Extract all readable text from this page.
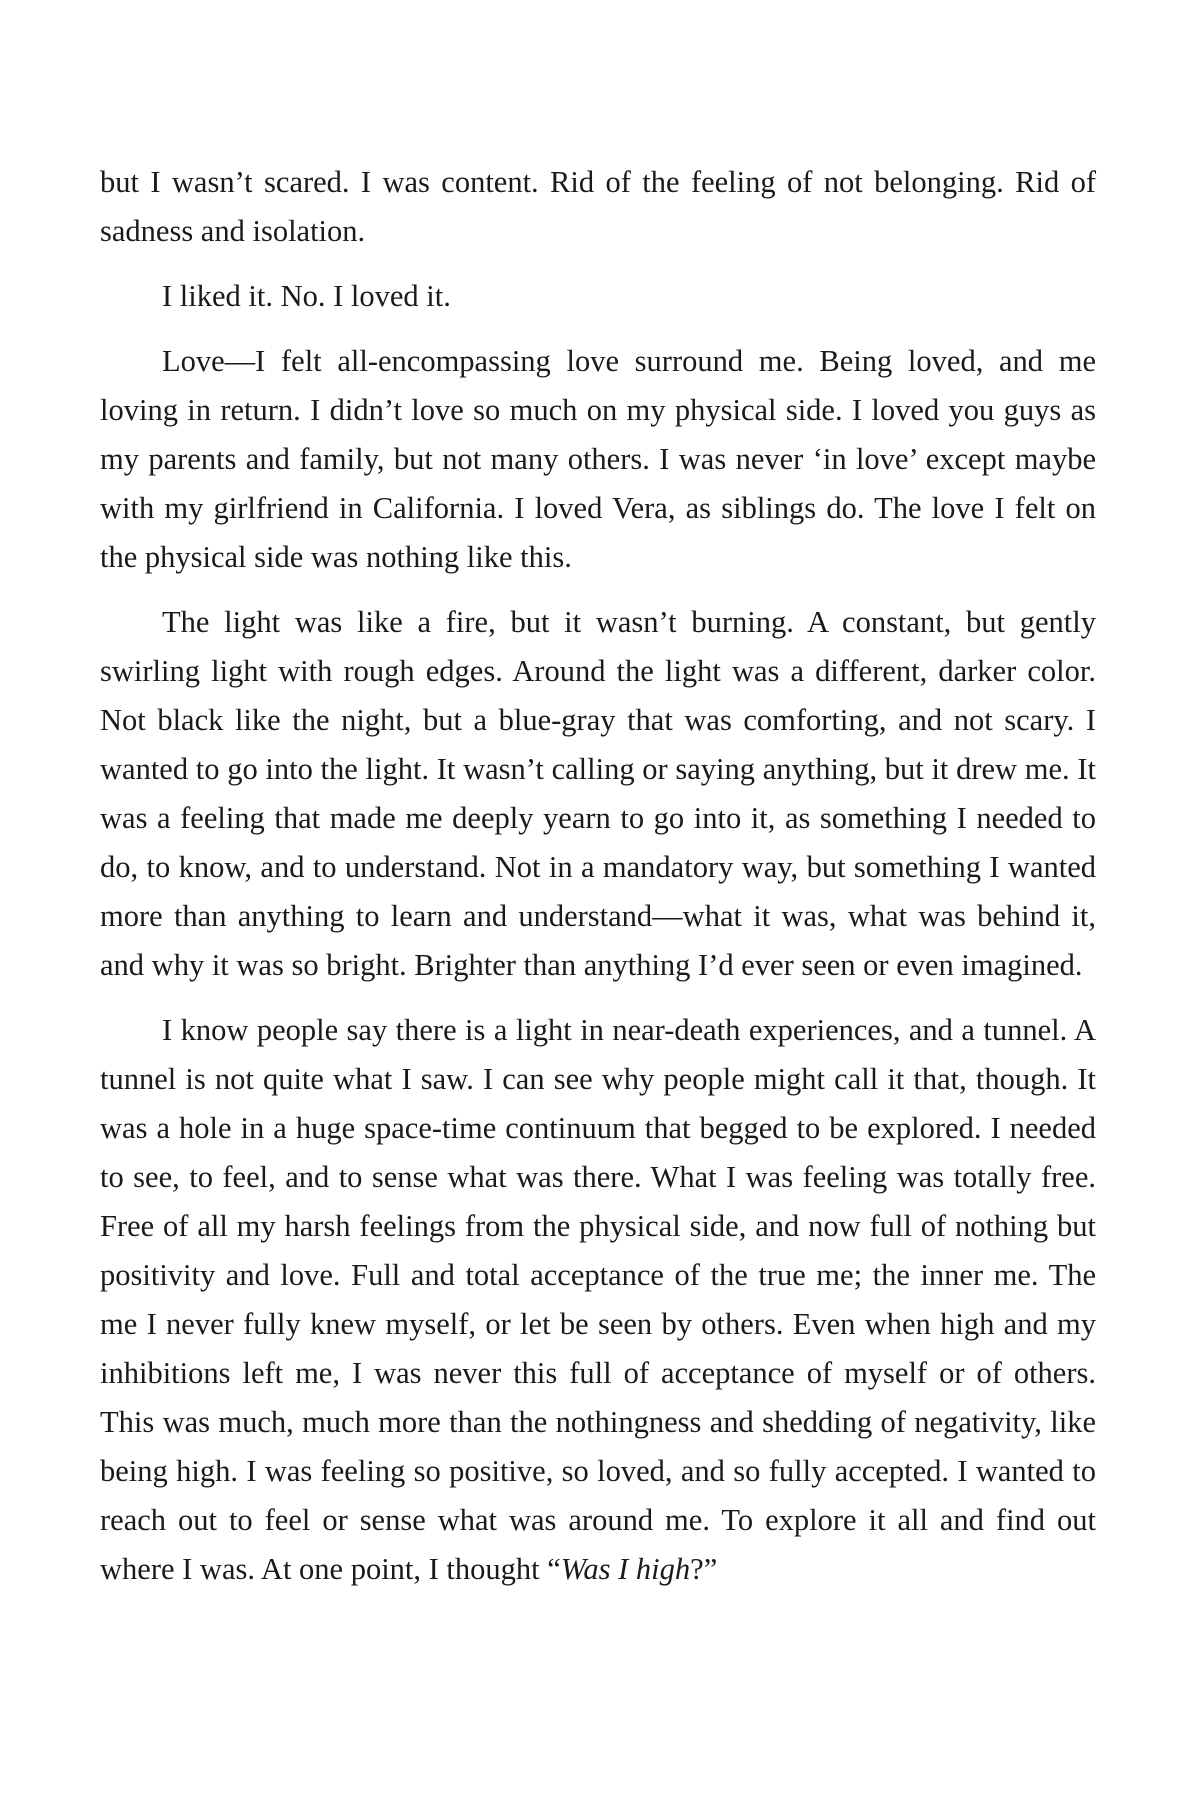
but I wasn’t scared. I was content. Rid of the feeling of not belonging. Rid of sadness and isolation.

I liked it. No. I loved it.

Love—I felt all-encompassing love surround me. Being loved, and me loving in return. I didn’t love so much on my physical side. I loved you guys as my parents and family, but not many others. I was never ‘in love’ except maybe with my girlfriend in California. I loved Vera, as siblings do. The love I felt on the physical side was nothing like this.

The light was like a fire, but it wasn’t burning. A constant, but gently swirling light with rough edges. Around the light was a different, darker color. Not black like the night, but a blue-gray that was comforting, and not scary. I wanted to go into the light. It wasn’t calling or saying anything, but it drew me. It was a feeling that made me deeply yearn to go into it, as something I needed to do, to know, and to understand. Not in a mandatory way, but something I wanted more than anything to learn and understand—what it was, what was behind it, and why it was so bright. Brighter than anything I’d ever seen or even imagined.

I know people say there is a light in near-death experiences, and a tunnel. A tunnel is not quite what I saw. I can see why people might call it that, though. It was a hole in a huge space-time continuum that begged to be explored. I needed to see, to feel, and to sense what was there. What I was feeling was totally free. Free of all my harsh feelings from the physical side, and now full of nothing but positivity and love. Full and total acceptance of the true me; the inner me. The me I never fully knew myself, or let be seen by others. Even when high and my inhibitions left me, I was never this full of acceptance of myself or of others. This was much, much more than the nothingness and shedding of negativity, like being high. I was feeling so positive, so loved, and so fully accepted. I wanted to reach out to feel or sense what was around me. To explore it all and find out where I was. At one point, I thought “Was I high?”
